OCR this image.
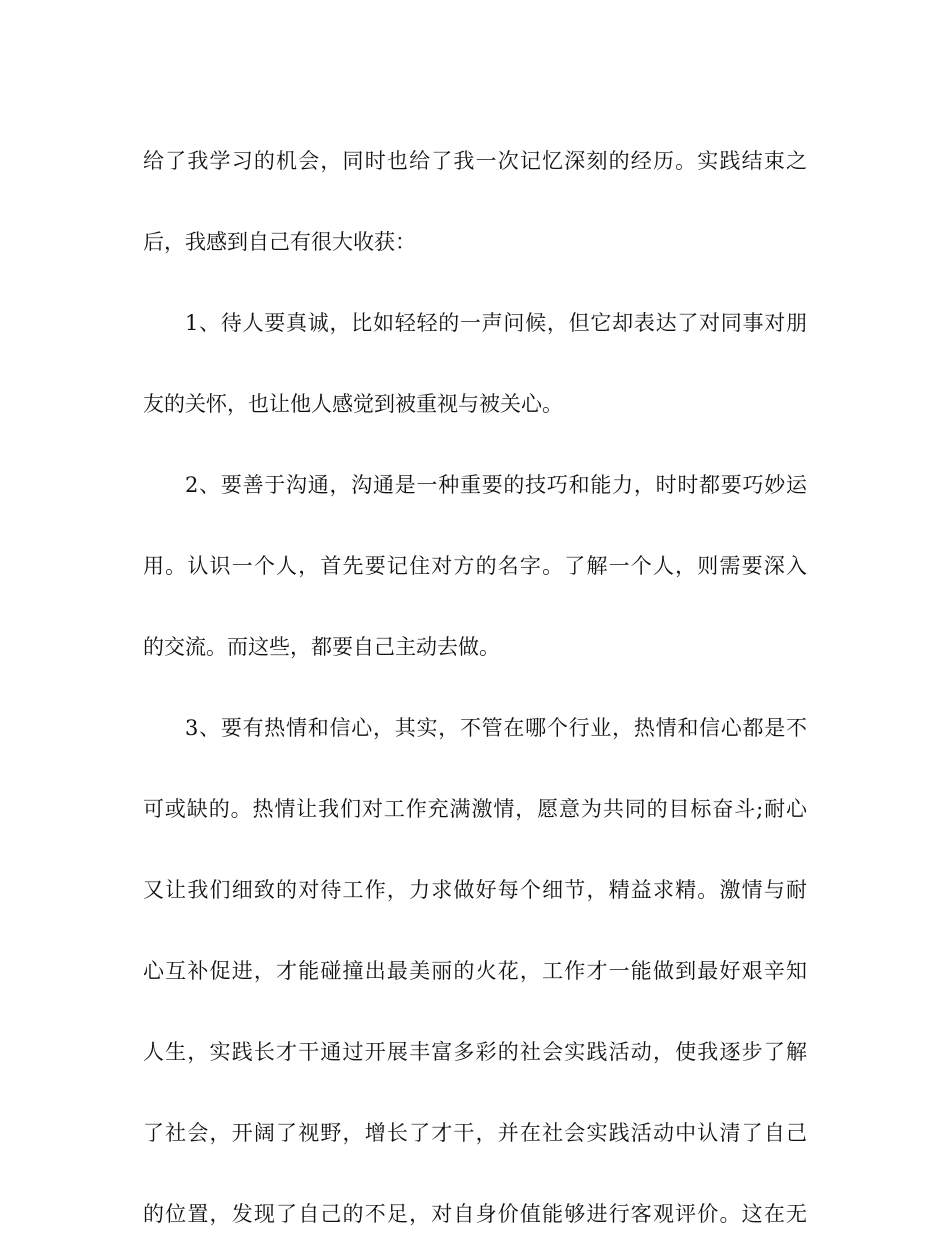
给了我学习的机会，同时也给了我一次记忆深刻的经历。实践结束之
后，我感到自己有很大收获：
1、待人要真诚，比如轻轻的一声问候，但它却表达了对同事对朋
友的关怀，也让他人感觉到被重视与被关心。
2、要善于沟通，沟通是一种重要的技巧和能力，时时都要巧妙运
用。认识一个人，首先要记住对方的名字。了解一个人，则需要深入
的交流。而这些，都要自己主动去做。
3、要有热情和信心，其实，不管在哪个行业，热情和信心都是不
可或缺的。热情让我们对工作充满激情，愿意为共同的目标奋斗;耐心
又让我们细致的对待工作，力求做好每个细节，精益求精。激情与耐
心互补促进，才能碰撞出最美丽的火花，工作才一能做到最好艰辛知
人生，实践长才干通过开展丰富多彩的社会实践活动，使我逐步了解
了社会，开阔了视野，增长了才干，并在社会实践活动中认清了自己
的位置，发现了自己的不足，对自身价值能够进行客观评价。这在无
